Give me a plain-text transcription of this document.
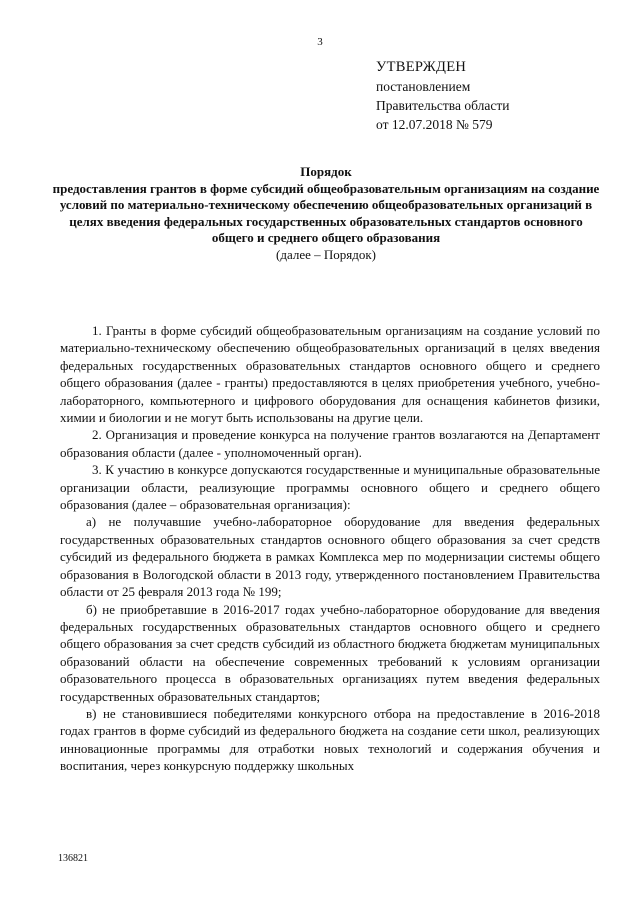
3
УТВЕРЖДЕН
постановлением
Правительства области
от 12.07.2018 № 579
Порядок
предоставления грантов в форме субсидий общеобразовательным организациям на создание условий по материально-техническому обеспечению общеобразовательных организаций в целях введения федеральных государственных образовательных стандартов основного общего и среднего общего образования
(далее – Порядок)

1. Гранты в форме субсидий общеобразовательным организациям на создание условий по материально-техническому обеспечению общеобразовательных организаций в целях введения федеральных государственных образовательных стандартов основного общего и среднего общего образования (далее - гранты) предоставляются в целях приобретения учебного, учебно-лабораторного, компьютерного и цифрового оборудования для оснащения кабинетов физики, химии и биологии и не могут быть использованы на другие цели.

2. Организация и проведение конкурса на получение грантов возлагаются на Департамент образования области (далее - уполномоченный орган).

3. К участию в конкурсе допускаются государственные и муниципальные образовательные организации области, реализующие программы основного общего и среднего общего образования (далее – образовательная организация):

а) не получавшие учебно-лабораторное оборудование для введения федеральных государственных образовательных стандартов основного общего образования за счет средств субсидий из федерального бюджета в рамках Комплекса мер по модернизации системы общего образования в Вологодской области в 2013 году, утвержденного постановлением Правительства области от 25 февраля 2013 года № 199;

б) не приобретавшие в 2016-2017 годах учебно-лабораторное оборудование для введения федеральных государственных образовательных стандартов основного общего и среднего общего образования за счет средств субсидий из областного бюджета бюджетам муниципальных образований области на обеспечение современных требований к условиям организации образовательного процесса в образовательных организациях путем введения федеральных государственных образовательных стандартов;

в) не становившиеся победителями конкурсного отбора на предоставление в 2016-2018 годах грантов в форме субсидий из федерального бюджета на создание сети школ, реализующих инновационные программы для отработки новых технологий и содержания обучения и воспитания, через конкурсную поддержку школьных

136821
